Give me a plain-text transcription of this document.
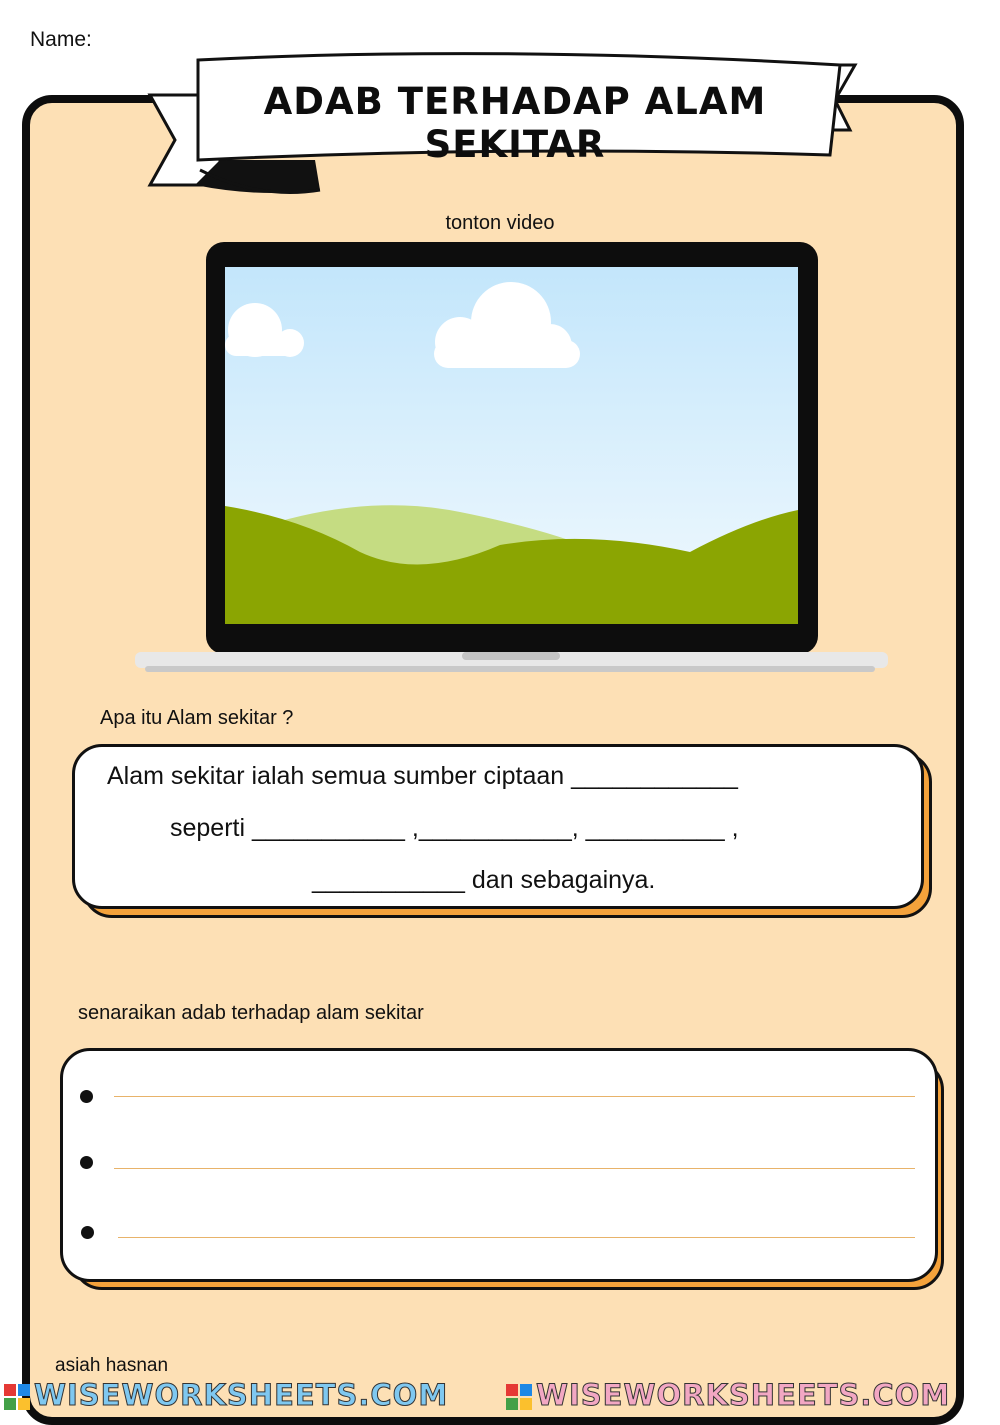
Name:
ADAB TERHADAP ALAM SEKITAR
tonton video
Apa itu Alam sekitar ?
Alam sekitar ialah semua sumber ciptaan ____________
seperti ___________ ,___________, __________ ,
___________ dan sebagainya.
senaraikan adab terhadap alam sekitar
asiah hasnan
WISEWORKSHEETS.COM	WISEWORKSHEETS.COM
